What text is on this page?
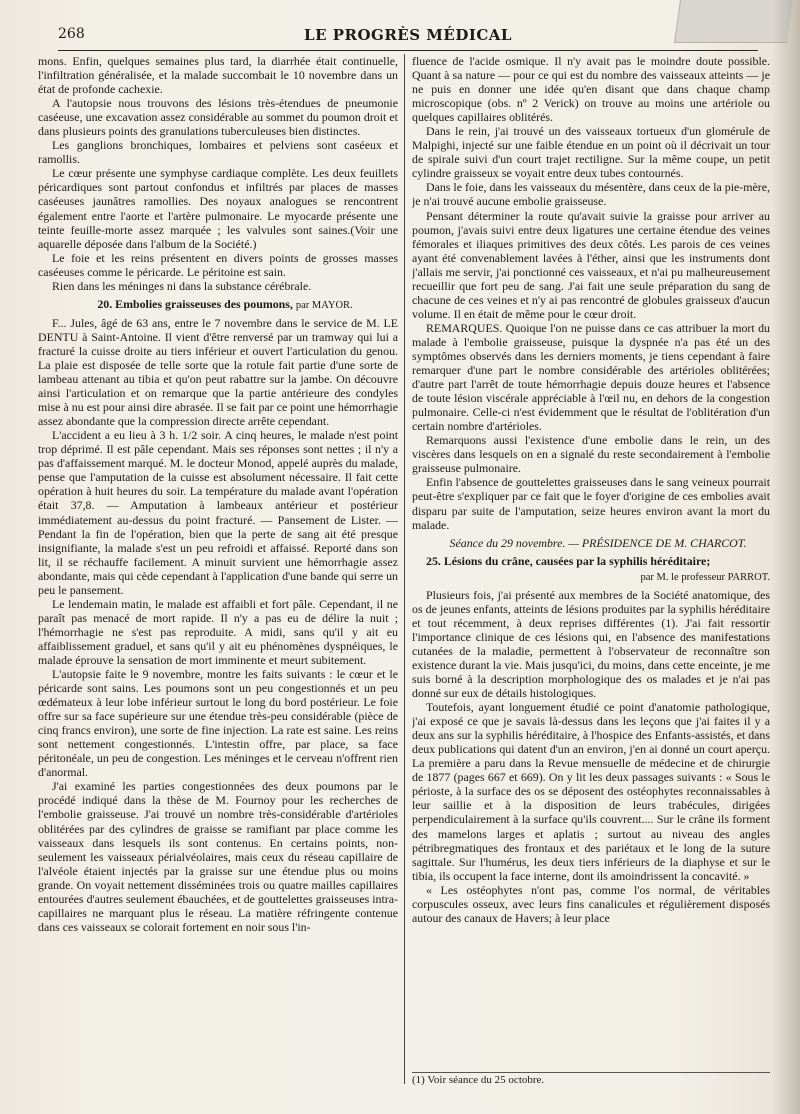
268	LE PROGRÈS MÉDICAL

mons. Enfin, quelques semaines plus tard, la diarrhée était continuelle, l'infiltration généralisée, et la malade succombait le 10 novembre dans un état de profonde cachexie.

A l'autopsie nous trouvons des lésions très-étendues de pneumonie caséeuse, une excavation assez considérable au sommet du poumon droit et dans plusieurs points des granulations tuberculeuses bien distinctes.

Les ganglions bronchiques, lombaires et pelviens sont caséeux et ramollis.

Le cœur présente une symphyse cardiaque complète. Les deux feuillets péricardiques sont partout confondus et infiltrés par places de masses caséeuses jaunâtres ramollies. Des noyaux analogues se rencontrent également entre l'aorte et l'artère pulmonaire. Le myocarde présente une teinte feuille-morte assez marquée ; les valvules sont saines.(Voir une aquarelle déposée dans l'album de la Société.)

Le foie et les reins présentent en divers points de grosses masses caséeuses comme le péricarde. Le péritoine est sain.

Rien dans les méninges ni dans la substance cérébrale.

20. Embolies graisseuses des poumons, par MAYOR.

F... Jules, âgé de 63 ans, entre le 7 novembre dans le service de M. LE DENTU à Saint-Antoine. Il vient d'être renversé par un tramway qui lui a fracturé la cuisse droite au tiers inférieur et ouvert l'articulation du genou. La plaie est disposée de telle sorte que la rotule fait partie d'une sorte de lambeau attenant au tibia et qu'on peut rabattre sur la jambe. On découvre ainsi l'articulation et on remarque que la partie antérieure des condyles mise à nu est pour ainsi dire abrasée. Il se fait par ce point une hémorrhagie assez abondante que la compression directe arrête cependant.

L'accident a eu lieu à 3 h. 1/2 soir. A cinq heures, le malade n'est point trop déprimé. Il est pâle cependant. Mais ses réponses sont nettes ; il n'y a pas d'affaissement marqué. M. le docteur Monod, appelé auprès du malade, pense que l'amputation de la cuisse est absolument nécessaire. Il fait cette opération à huit heures du soir. La température du malade avant l'opération était 37,8. — Amputation à lambeaux antérieur et postérieur immédiatement au-dessus du point fracturé. — Pansement de Lister. — Pendant la fin de l'opération, bien que la perte de sang ait été presque insignifiante, la malade s'est un peu refroidi et affaissé. Reporté dans son lit, il se réchauffe facilement. A minuit survient une hémorrhagie assez abondante, mais qui cède cependant à l'application d'une bande qui serre un peu le pansement.

Le lendemain matin, le malade est affaibli et fort pâle. Cependant, il ne paraît pas menacé de mort rapide. Il n'y a pas eu de délire la nuit ; l'hémorrhagie ne s'est pas reproduite. A midi, sans qu'il y ait eu affaiblissement graduel, et sans qu'il y ait eu phénomènes dyspnéiques, le malade éprouve la sensation de mort imminente et meurt subitement.

L'autopsie faite le 9 novembre, montre les faits suivants : le cœur et le péricarde sont sains. Les poumons sont un peu congestionnés et un peu œdémateux à leur lobe inférieur surtout le long du bord postérieur. Le foie offre sur sa face supérieure sur une étendue très-peu considérable (pièce de cinq francs environ), une sorte de fine injection. La rate est saine. Les reins sont nettement congestionnés. L'intestin offre, par place, sa face péritonéale, un peu de congestion. Les méninges et le cerveau n'offrent rien d'anormal.

J'ai examiné les parties congestionnées des deux poumons par le procédé indiqué dans la thèse de M. Fournoy pour les recherches de l'embolie graisseuse. J'ai trouvé un nombre très-considérable d'artérioles oblitérées par des cylindres de graisse se ramifiant par place comme les vaisseaux dans lesquels ils sont contenus. En certains points, non-seulement les vaisseaux périalvéolaires, mais ceux du réseau capillaire de l'alvéole étaient injectés par la graisse sur une étendue plus ou moins grande. On voyait nettement disséminées trois ou quatre mailles capillaires entourées d'autres seulement ébauchées, et de gouttelettes graisseuses intra-capillaires ne marquant plus le réseau. La matière réfringente contenue dans ces vaisseaux se colorait fortement en noir sous l'in-

fluence de l'acide osmique. Il n'y avait pas le moindre doute possible. Quant à sa nature — pour ce qui est du nombre des vaisseaux atteints — je ne puis en donner une idée qu'en disant que dans chaque champ microscopique (obs. nº 2 Verick) on trouve au moins une artériole ou quelques capillaires oblitérés.

Dans le rein, j'ai trouvé un des vaisseaux tortueux d'un glomérule de Malpighi, injecté sur une faible étendue en un point où il décrivait un tour de spirale suivi d'un court trajet rectiligne. Sur la même coupe, un petit cylindre graisseux se voyait entre deux tubes contournés.

Dans le foie, dans les vaisseaux du mésentère, dans ceux de la pie-mère, je n'ai trouvé aucune embolie graisseuse.

Pensant déterminer la route qu'avait suivie la graisse pour arriver au poumon, j'avais suivi entre deux ligatures une certaine étendue des veines fémorales et iliaques primitives des deux côtés. Les parois de ces veines ayant été convenablement lavées à l'éther, ainsi que les instruments dont j'allais me servir, j'ai ponctionné ces vaisseaux, et n'ai pu malheureusement recueillir que fort peu de sang. J'ai fait une seule préparation du sang de chacune de ces veines et n'y ai pas rencontré de globules graisseux d'aucun volume. Il en était de même pour le cœur droit.

REMARQUES. Quoique l'on ne puisse dans ce cas attribuer la mort du malade à l'embolie graisseuse, puisque la dyspnée n'a pas été un des symptômes observés dans les derniers moments, je tiens cependant à faire remarquer d'une part le nombre considérable des artérioles oblitérées; d'autre part l'arrêt de toute hémorrhagie depuis douze heures et l'absence de toute lésion viscérale appréciable à l'œil nu, en dehors de la congestion pulmonaire. Celle-ci n'est évidemment que le résultat de l'oblitération d'un certain nombre d'artérioles.

Remarquons aussi l'existence d'une embolie dans le rein, un des viscères dans lesquels on en a signalé du reste secondairement à l'embolie graisseuse pulmonaire.

Enfin l'absence de gouttelettes graisseuses dans le sang veineux pourrait peut-être s'expliquer par ce fait que le foyer d'origine de ces embolies avait disparu par suite de l'amputation, seize heures environ avant la mort du malade.

Séance du 29 novembre. — PRÉSIDENCE DE M. CHARCOT.

25. Lésions du crâne, causées par la syphilis héréditaire;

par M. le professeur PARROT.

Plusieurs fois, j'ai présenté aux membres de la Société anatomique, des os de jeunes enfants, atteints de lésions produites par la syphilis héréditaire et tout récemment, à deux reprises différentes (1). J'ai fait ressortir l'importance clinique de ces lésions qui, en l'absence des manifestations cutanées de la maladie, permettent à l'observateur de reconnaître son existence durant la vie. Mais jusqu'ici, du moins, dans cette enceinte, je me suis borné à la description morphologique des os malades et je n'ai pas donné sur eux de détails histologiques.

Toutefois, ayant longuement étudié ce point d'anatomie pathologique, j'ai exposé ce que je savais là-dessus dans les leçons que j'ai faites il y a deux ans sur la syphilis héréditaire, à l'hospice des Enfants-assistés, et dans deux publications qui datent d'un an environ, j'en ai donné un court aperçu. La première a paru dans la Revue mensuelle de médecine et de chirurgie de 1877 (pages 667 et 669). On y lit les deux passages suivants : « Sous le périoste, à la surface des os se déposent des ostéophytes reconnaissables à leur saillie et à la disposition de leurs trabécules, dirigées perpendiculairement à la surface qu'ils couvrent.... Sur le crâne ils forment des mamelons larges et aplatis ; surtout au niveau des angles pétribregmatiques des frontaux et des pariétaux et le long de la suture sagittale. Sur l'humérus, les deux tiers inférieurs de la diaphyse et sur le tibia, ils occupent la face interne, dont ils amoindrissent la concavité. »

« Les ostéophytes n'ont pas, comme l'os normal, de véritables corpuscules osseux, avec leurs fins canalicules et régulièrement disposés autour des canaux de Havers; à leur place

(1) Voir séance du 25 octobre.
